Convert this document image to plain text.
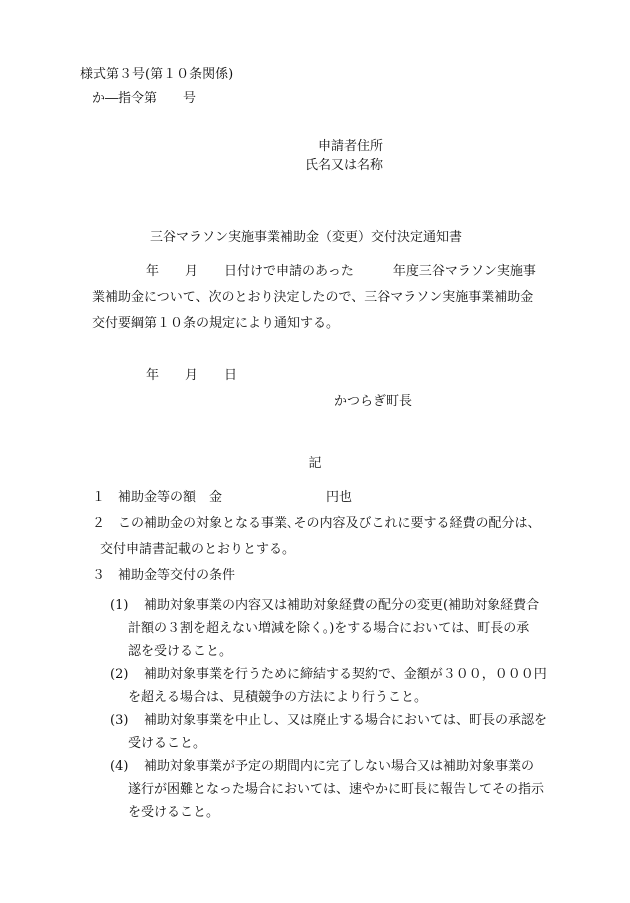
様式第３号(第１０条関係)
か―指令第　　号
申請者住所
氏名又は名称
三谷マラソン実施事業補助金（変更）交付決定通知書
年　　月　　日付けで申請のあった　　　年度三谷マラソン実施事
業補助金について、次のとおり決定したので、三谷マラソン実施事業補助金
交付要綱第１０条の規定により通知する。
年　　月　　日
かつらぎ町長
記
１　補助金等の額　金　　　　　　　　円也
２　この補助金の対象となる事業､その内容及びこれに要する経費の配分は、
交付申請書記載のとおりとする。
３　補助金等交付の条件
(1) 補助対象事業の内容又は補助対象経費の配分の変更(補助対象経費合
計額の３割を超えない増減を除く。)をする場合においては、町長の承
認を受けること。
(2) 補助対象事業を行うために締結する契約で、金額が３００，０００円
を超える場合は、見積競争の方法により行うこと。
(3) 補助対象事業を中止し、又は廃止する場合においては、町長の承認を
受けること。
(4) 補助対象事業が予定の期間内に完了しない場合又は補助対象事業の
遂行が困難となった場合においては、速やかに町長に報告してその指示
を受けること。
